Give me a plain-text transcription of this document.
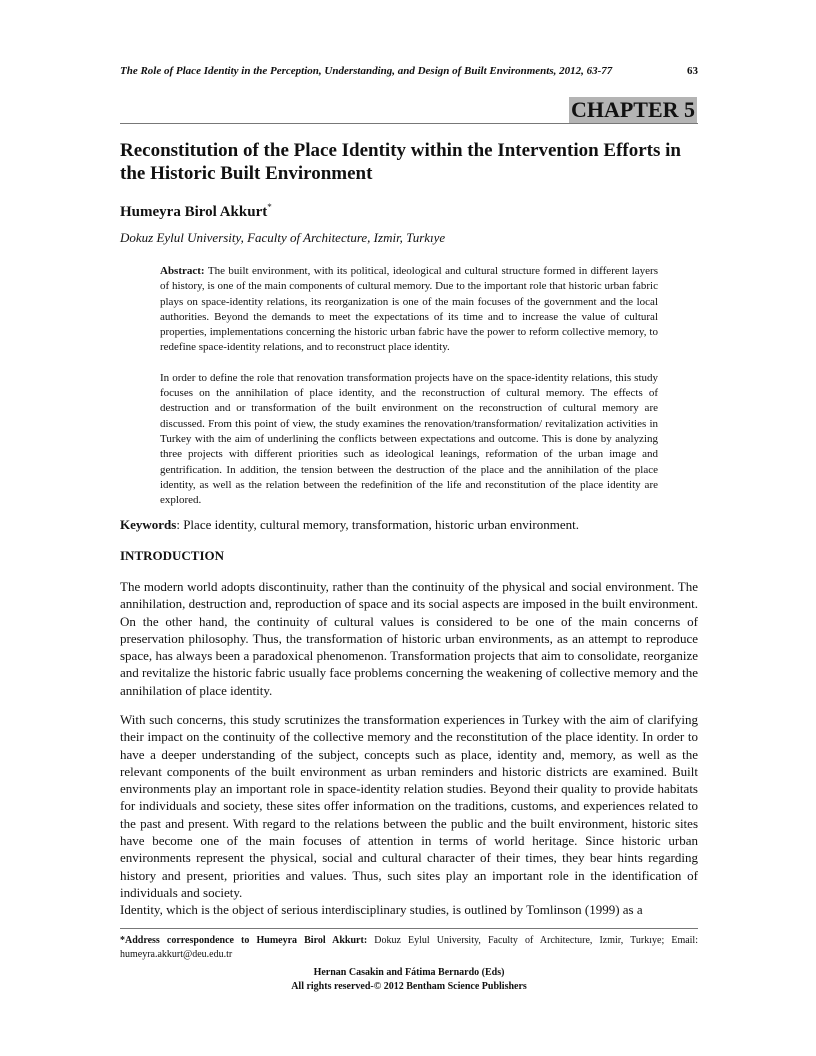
The Role of Place Identity in the Perception, Understanding, and Design of Built Environments, 2012, 63-77	63
CHAPTER 5
Reconstitution of the Place Identity within the Intervention Efforts in the Historic Built Environment
Humeyra Birol Akkurt*
Dokuz Eylul University, Faculty of Architecture, Izmir, Turkıye

Abstract: The built environment, with its political, ideological and cultural structure formed in different layers of history, is one of the main components of cultural memory. Due to the important role that historic urban fabric plays on space-identity relations, its reorganization is one of the main focuses of the government and the local authorities. Beyond the demands to meet the expectations of its time and to increase the value of cultural properties, implementations concerning the historic urban fabric have the power to reform collective memory, to redefine space-identity relations, and to reconstruct place identity.

In order to define the role that renovation transformation projects have on the space-identity relations, this study focuses on the annihilation of place identity, and the reconstruction of cultural memory. The effects of destruction and or transformation of the built environment on the reconstruction of cultural memory are discussed. From this point of view, the study examines the renovation/transformation/ revitalization activities in Turkey with the aim of underlining the conflicts between expectations and outcome. This is done by analyzing three projects with different priorities such as ideological leanings, reformation of the urban image and gentrification. In addition, the tension between the destruction of the place and the annihilation of the place identity, as well as the relation between the redefinition of the life and reconstitution of the place identity are explored.

Keywords: Place identity, cultural memory, transformation, historic urban environment.
INTRODUCTION
The modern world adopts discontinuity, rather than the continuity of the physical and social environment. The annihilation, destruction and, reproduction of space and its social aspects are imposed in the built environment. On the other hand, the continuity of cultural values is considered to be one of the main concerns of preservation philosophy. Thus, the transformation of historic urban environments, as an attempt to reproduce space, has always been a paradoxical phenomenon. Transformation projects that aim to consolidate, reorganize and revitalize the historic fabric usually face problems concerning the weakening of collective memory and the annihilation of place identity.
With such concerns, this study scrutinizes the transformation experiences in Turkey with the aim of clarifying their impact on the continuity of the collective memory and the reconstitution of the place identity. In order to have a deeper understanding of the subject, concepts such as place, identity and, memory, as well as the relevant components of the built environment as urban reminders and historic districts are examined. Built environments play an important role in space-identity relation studies. Beyond their quality to provide habitats for individuals and society, these sites offer information on the traditions, customs, and experiences related to the past and present. With regard to the relations between the public and the built environment, historic sites have become one of the main focuses of attention in terms of world heritage. Since historic urban environments represent the physical, social and cultural character of their times, they bear hints regarding history and present, priorities and values. Thus, such sites play an important role in the identification of individuals and society.
Identity, which is the object of serious interdisciplinary studies, is outlined by Tomlinson (1999) as a
*Address correspondence to Humeyra Birol Akkurt: Dokuz Eylul University, Faculty of Architecture, Izmir, Turkıye; Email: humeyra.akkurt@deu.edu.tr
Hernan Casakin and Fátima Bernardo (Eds)
All rights reserved-© 2012 Bentham Science Publishers
